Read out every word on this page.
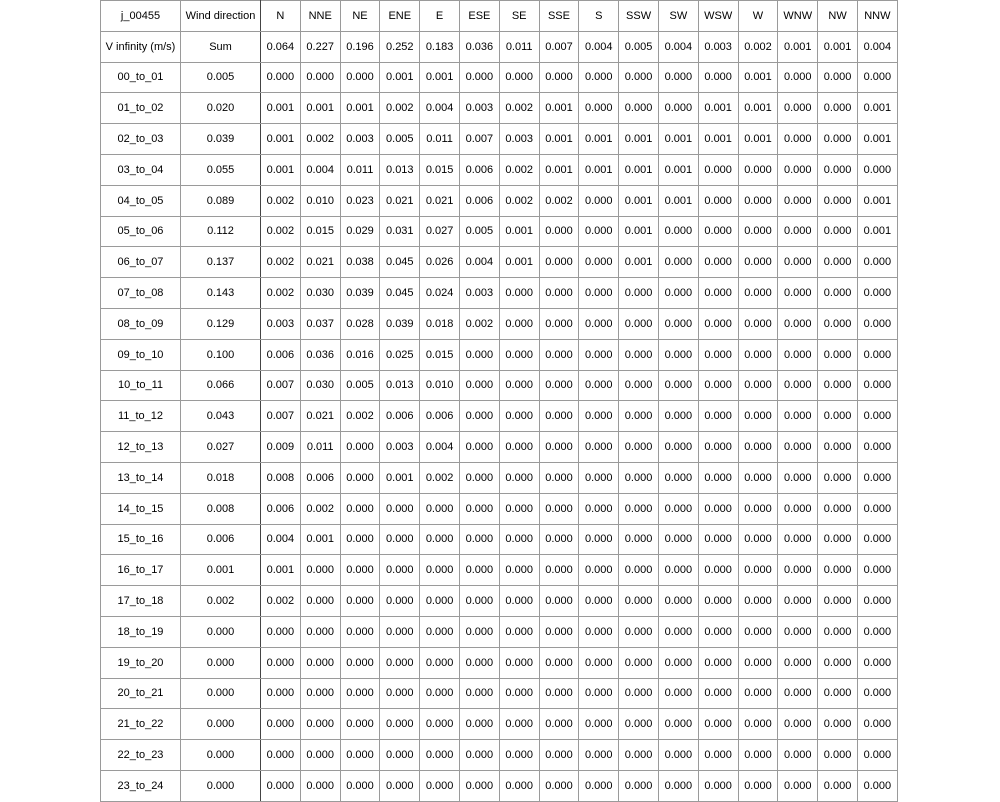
j_00455	Wind direction	N	NNE	NE	ENE	E	ESE	SE	SSE	S	SSW	SW	WSW	W	WNW	NW	NNW
V infinity (m/s)	Sum	0.064	0.227	0.196	0.252	0.183	0.036	0.011	0.007	0.004	0.005	0.004	0.003	0.002	0.001	0.001	0.004
00_to_01	0.005	0.000	0.000	0.000	0.001	0.001	0.000	0.000	0.000	0.000	0.000	0.000	0.000	0.001	0.000	0.000	0.000
01_to_02	0.020	0.001	0.001	0.001	0.002	0.004	0.003	0.002	0.001	0.000	0.000	0.000	0.001	0.001	0.000	0.000	0.001
02_to_03	0.039	0.001	0.002	0.003	0.005	0.011	0.007	0.003	0.001	0.001	0.001	0.001	0.001	0.001	0.000	0.000	0.001
03_to_04	0.055	0.001	0.004	0.011	0.013	0.015	0.006	0.002	0.001	0.001	0.001	0.001	0.000	0.000	0.000	0.000	0.000
04_to_05	0.089	0.002	0.010	0.023	0.021	0.021	0.006	0.002	0.002	0.000	0.001	0.001	0.000	0.000	0.000	0.000	0.001
05_to_06	0.112	0.002	0.015	0.029	0.031	0.027	0.005	0.001	0.000	0.000	0.001	0.000	0.000	0.000	0.000	0.000	0.001
06_to_07	0.137	0.002	0.021	0.038	0.045	0.026	0.004	0.001	0.000	0.000	0.001	0.000	0.000	0.000	0.000	0.000	0.000
07_to_08	0.143	0.002	0.030	0.039	0.045	0.024	0.003	0.000	0.000	0.000	0.000	0.000	0.000	0.000	0.000	0.000	0.000
08_to_09	0.129	0.003	0.037	0.028	0.039	0.018	0.002	0.000	0.000	0.000	0.000	0.000	0.000	0.000	0.000	0.000	0.000
09_to_10	0.100	0.006	0.036	0.016	0.025	0.015	0.000	0.000	0.000	0.000	0.000	0.000	0.000	0.000	0.000	0.000	0.000
10_to_11	0.066	0.007	0.030	0.005	0.013	0.010	0.000	0.000	0.000	0.000	0.000	0.000	0.000	0.000	0.000	0.000	0.000
11_to_12	0.043	0.007	0.021	0.002	0.006	0.006	0.000	0.000	0.000	0.000	0.000	0.000	0.000	0.000	0.000	0.000	0.000
12_to_13	0.027	0.009	0.011	0.000	0.003	0.004	0.000	0.000	0.000	0.000	0.000	0.000	0.000	0.000	0.000	0.000	0.000
13_to_14	0.018	0.008	0.006	0.000	0.001	0.002	0.000	0.000	0.000	0.000	0.000	0.000	0.000	0.000	0.000	0.000	0.000
14_to_15	0.008	0.006	0.002	0.000	0.000	0.000	0.000	0.000	0.000	0.000	0.000	0.000	0.000	0.000	0.000	0.000	0.000
15_to_16	0.006	0.004	0.001	0.000	0.000	0.000	0.000	0.000	0.000	0.000	0.000	0.000	0.000	0.000	0.000	0.000	0.000
16_to_17	0.001	0.001	0.000	0.000	0.000	0.000	0.000	0.000	0.000	0.000	0.000	0.000	0.000	0.000	0.000	0.000	0.000
17_to_18	0.002	0.002	0.000	0.000	0.000	0.000	0.000	0.000	0.000	0.000	0.000	0.000	0.000	0.000	0.000	0.000	0.000
18_to_19	0.000	0.000	0.000	0.000	0.000	0.000	0.000	0.000	0.000	0.000	0.000	0.000	0.000	0.000	0.000	0.000	0.000
19_to_20	0.000	0.000	0.000	0.000	0.000	0.000	0.000	0.000	0.000	0.000	0.000	0.000	0.000	0.000	0.000	0.000	0.000
20_to_21	0.000	0.000	0.000	0.000	0.000	0.000	0.000	0.000	0.000	0.000	0.000	0.000	0.000	0.000	0.000	0.000	0.000
21_to_22	0.000	0.000	0.000	0.000	0.000	0.000	0.000	0.000	0.000	0.000	0.000	0.000	0.000	0.000	0.000	0.000	0.000
22_to_23	0.000	0.000	0.000	0.000	0.000	0.000	0.000	0.000	0.000	0.000	0.000	0.000	0.000	0.000	0.000	0.000	0.000
23_to_24	0.000	0.000	0.000	0.000	0.000	0.000	0.000	0.000	0.000	0.000	0.000	0.000	0.000	0.000	0.000	0.000	0.000
